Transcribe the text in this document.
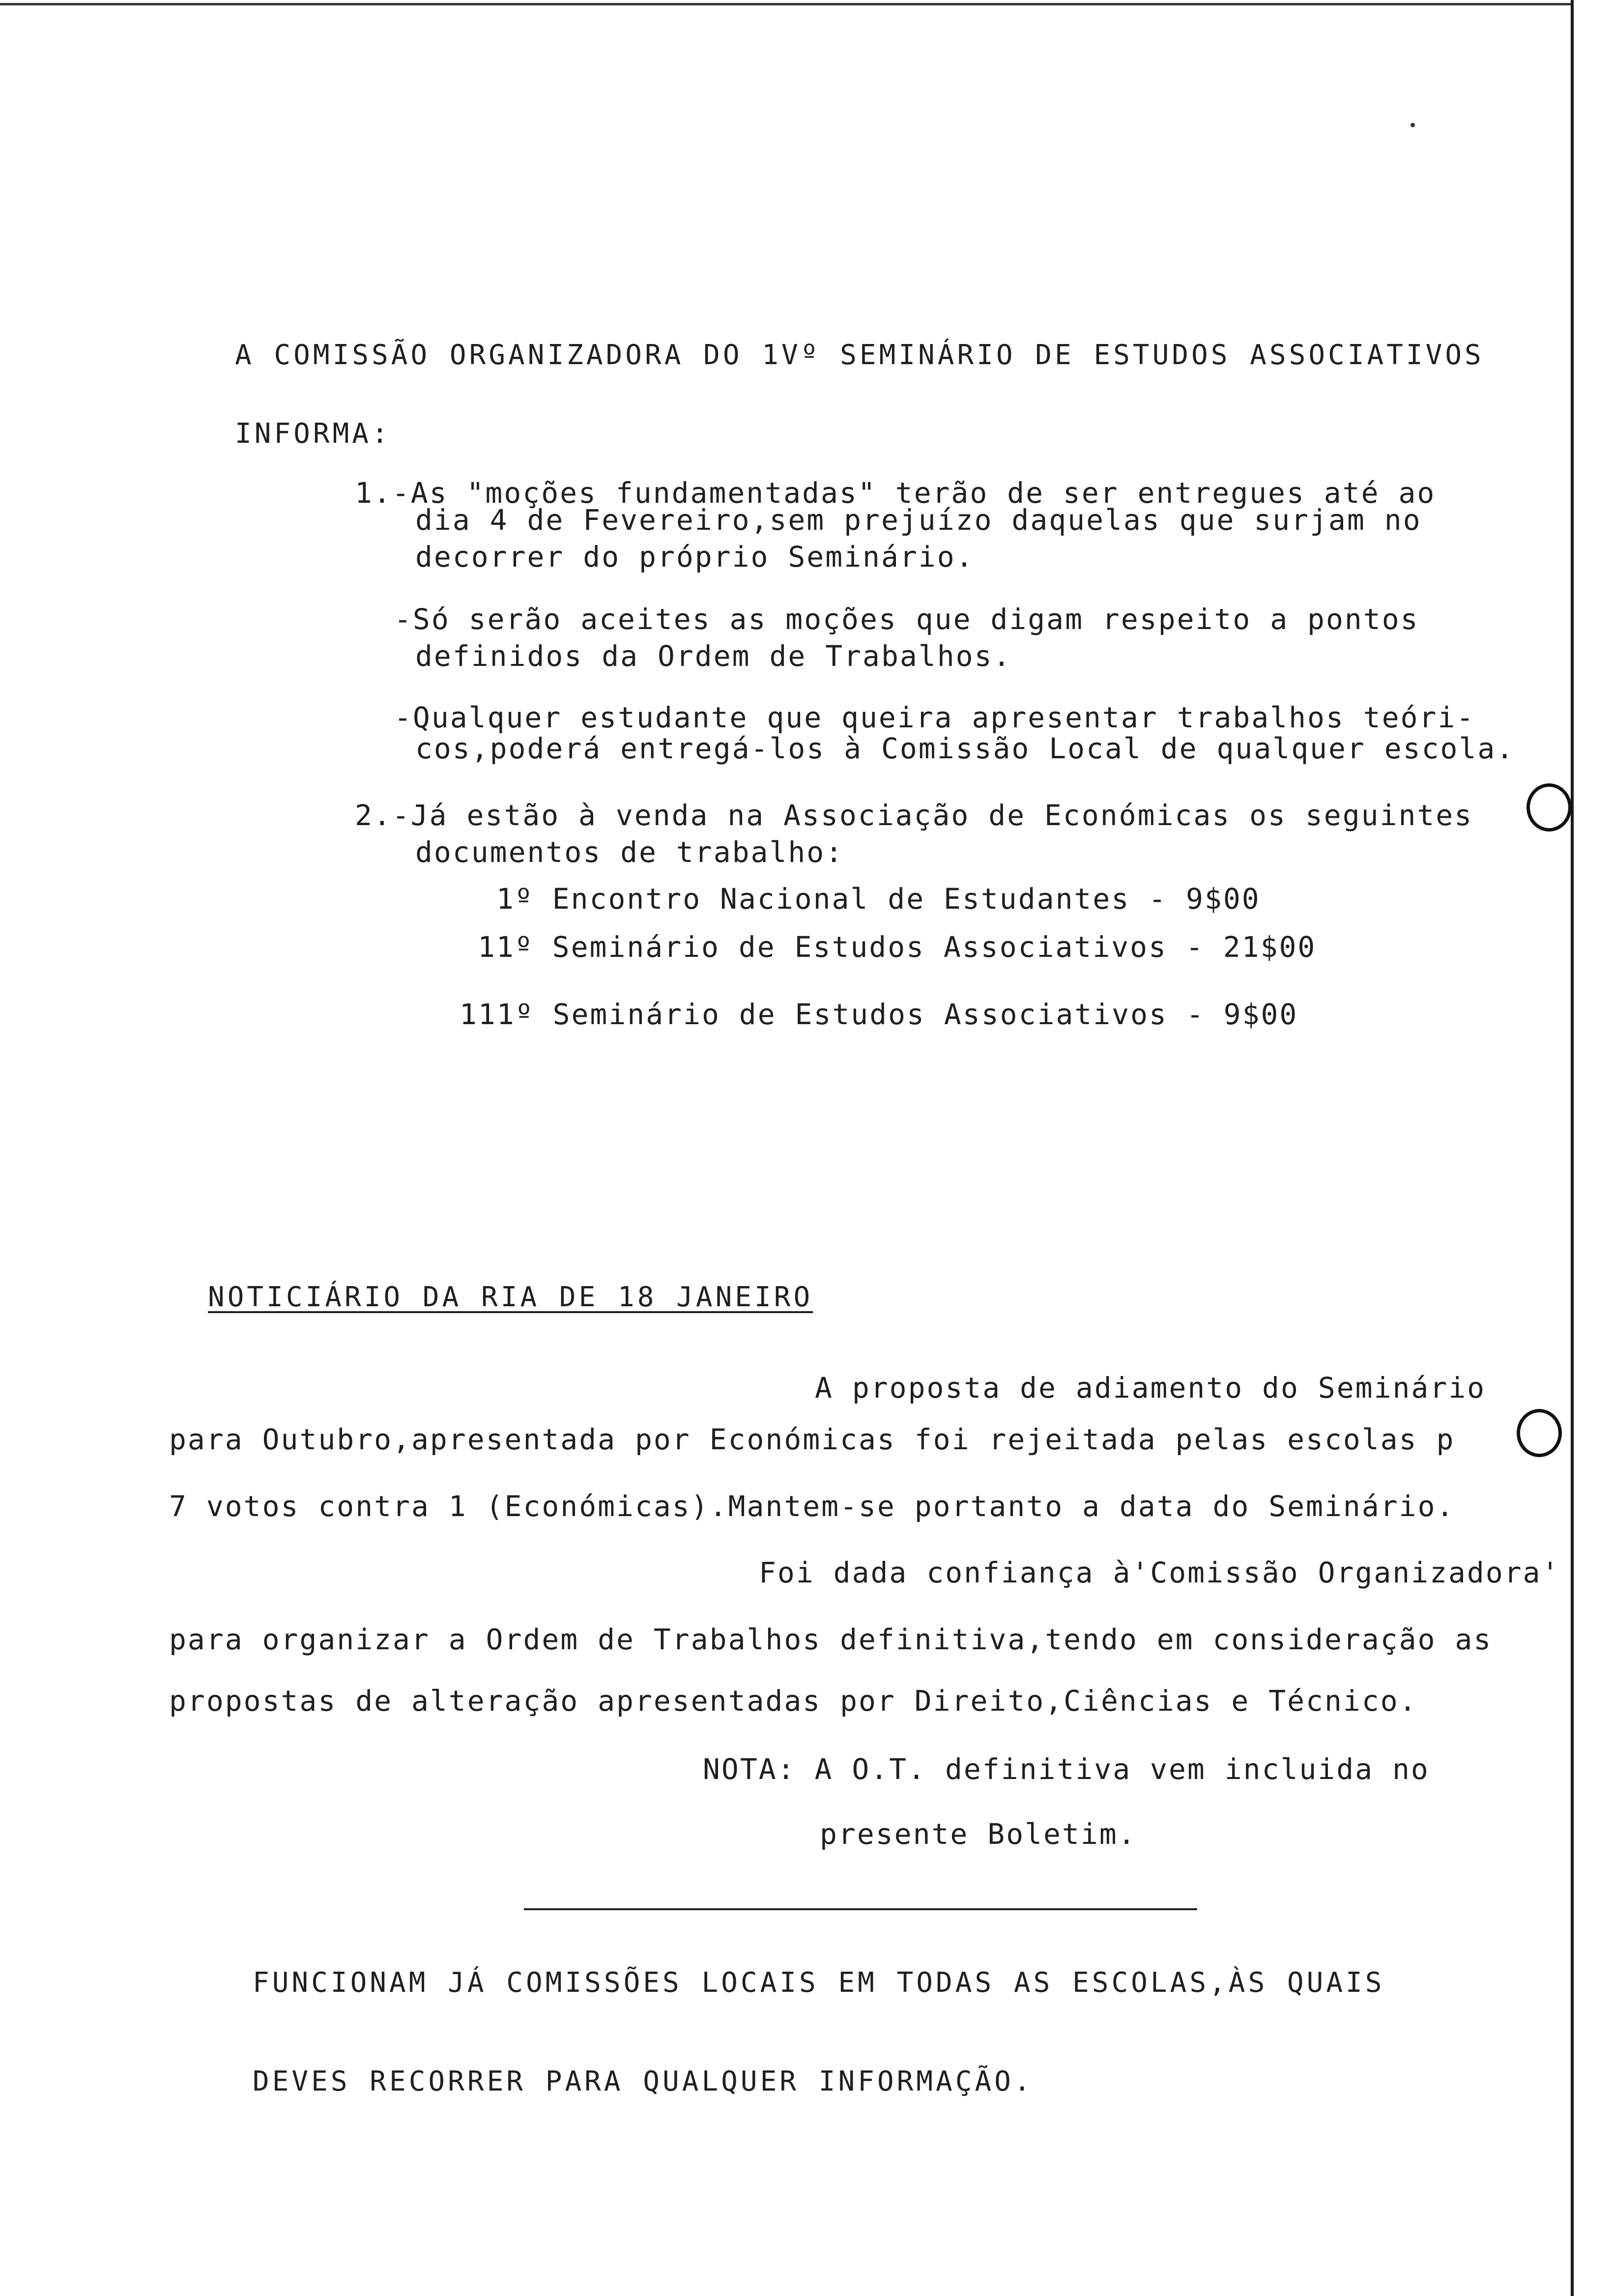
A COMISSÃO ORGANIZADORA DO 1Vº SEMINÁRIO DE ESTUDOS ASSOCIATIVOS
INFORMA:
1.-As "moções fundamentadas" terão de ser entregues até ao
dia 4 de Fevereiro,sem prejuízo daquelas que surjam no
decorrer do próprio Seminário.
-Só serão aceites as moções que digam respeito a pontos
definidos da Ordem de Trabalhos.
-Qualquer estudante que queira apresentar trabalhos teóri-
cos,poderá entregá-los à Comissão Local de qualquer escola.
2.-Já estão à venda na Associação de Económicas os seguintes
documentos de trabalho:
1º Encontro Nacional de Estudantes - 9$00
11º Seminário de Estudos Associativos - 21$00
111º Seminário de Estudos Associativos - 9$00
NOTICIÁRIO DA RIA DE 18 JANEIRO
A proposta de adiamento do Seminário
para Outubro,apresentada por Económicas foi rejeitada pelas escolas p
7 votos contra 1 (Económicas).Mantem-se portanto a data do Seminário.
Foi dada confiança à'Comissão Organizadora'
para organizar a Ordem de Trabalhos definitiva,tendo em consideração as
propostas de alteração apresentadas por Direito,Ciências e Técnico.
NOTA: A O.T. definitiva vem incluida no
presente Boletim.
FUNCIONAM JÁ COMISSÕES LOCAIS EM TODAS AS ESCOLAS,ÀS QUAIS
DEVES RECORRER PARA QUALQUER INFORMAÇÃO.
